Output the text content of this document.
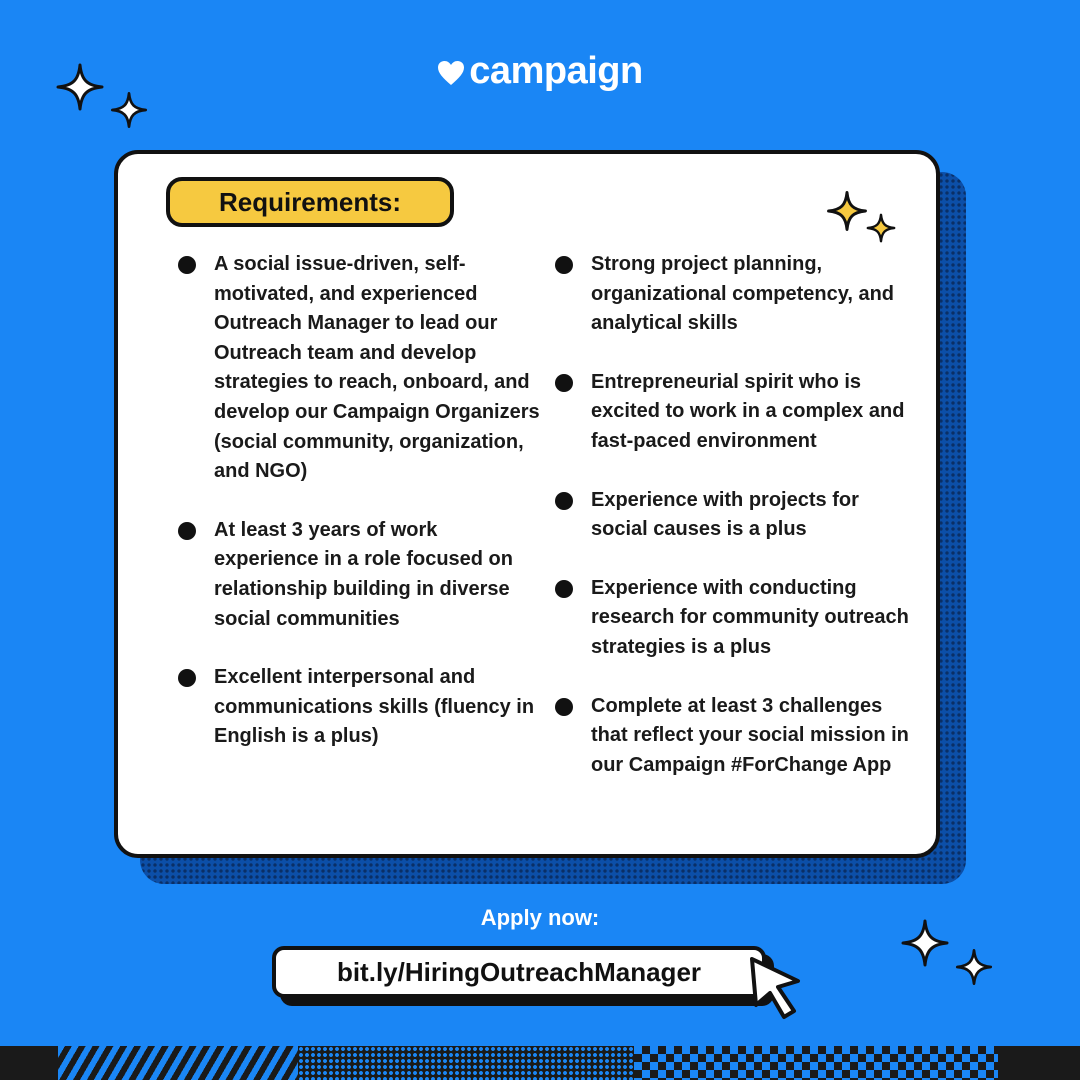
campaign
Requirements:
A social issue-driven, self-motivated, and experienced Outreach Manager to lead our Outreach team and develop strategies to reach, onboard, and develop our Campaign Organizers (social community, organization, and NGO)
At least 3 years of work experience in a role focused on relationship building in diverse social communities
Excellent interpersonal and communications skills (fluency in English is a plus)
Strong project planning, organizational competency, and analytical skills
Entrepreneurial spirit who is excited to work in a complex and fast-paced environment
Experience with projects for social causes is a plus
Experience with conducting research for community outreach strategies is a plus
Complete at least 3 challenges that reflect your social mission in our Campaign #ForChange App
Apply now:
bit.ly/HiringOutreachManager
